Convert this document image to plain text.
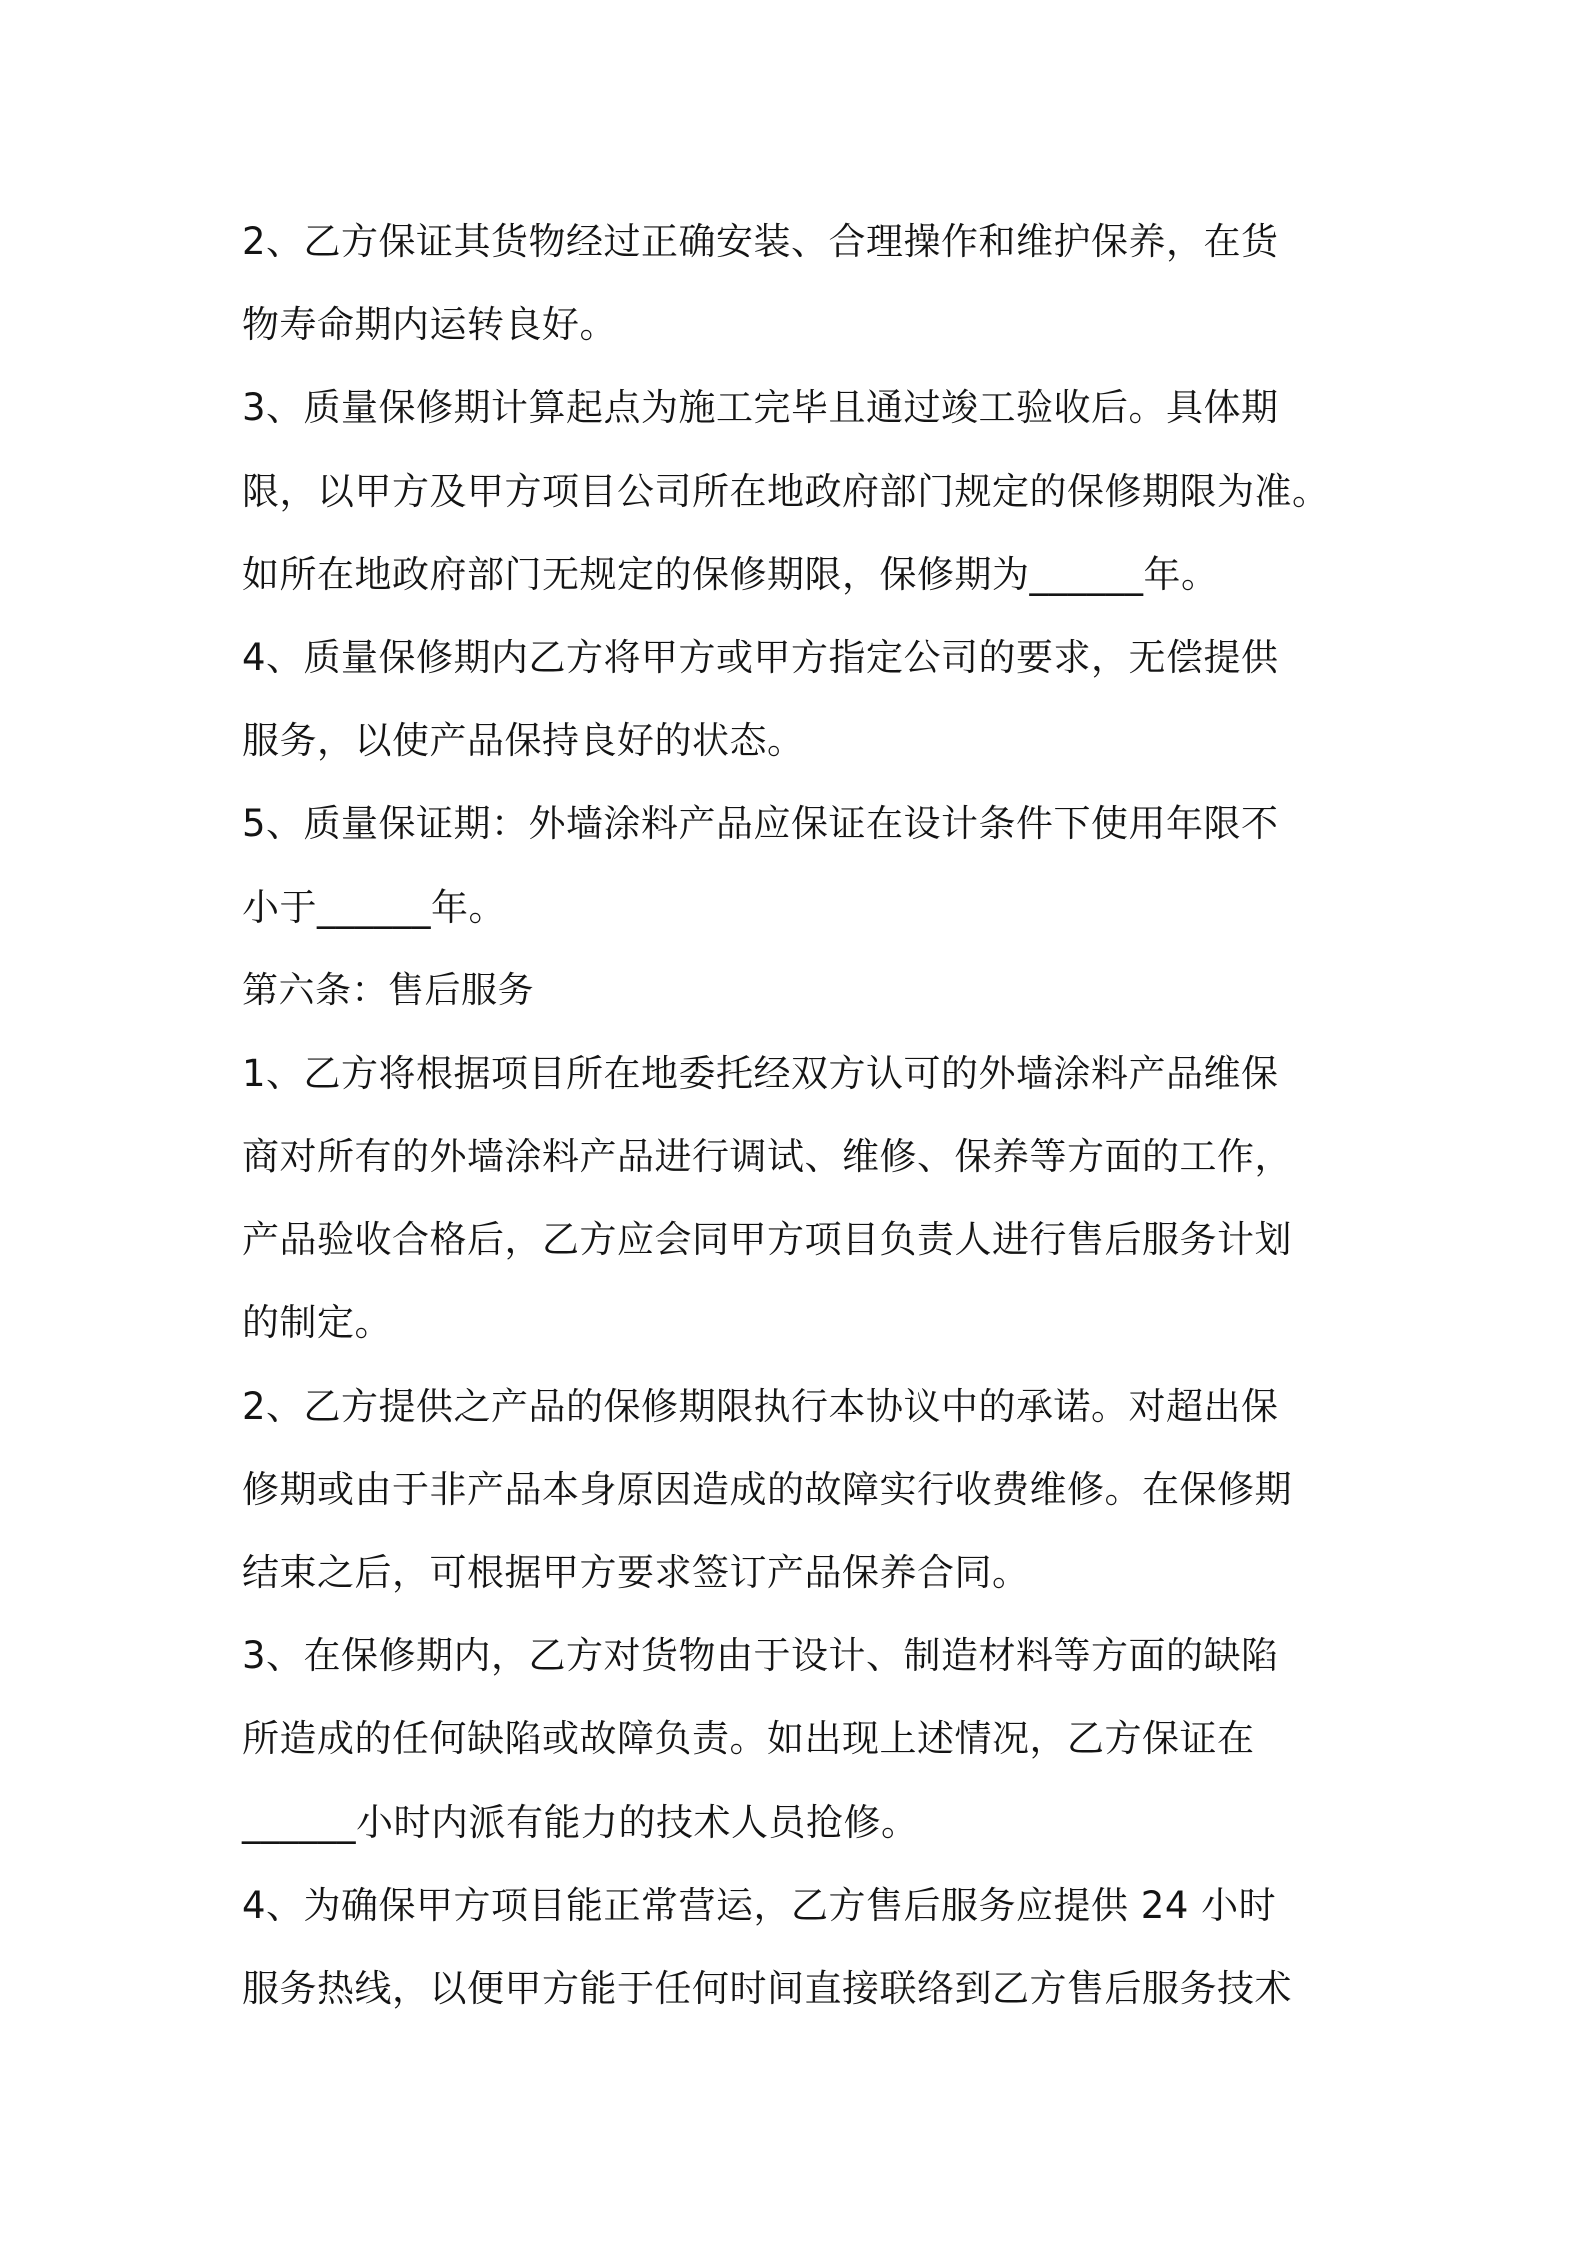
2、乙方保证其货物经过正确安装、合理操作和维护保养，在货
物寿命期内运转良好。
3、质量保修期计算起点为施工完毕且通过竣工验收后。具体期
限，以甲方及甲方项目公司所在地政府部门规定的保修期限为准。
如所在地政府部门无规定的保修期限，保修期为______年。
4、质量保修期内乙方将甲方或甲方指定公司的要求，无偿提供
服务，以使产品保持良好的状态。
5、质量保证期：外墙涂料产品应保证在设计条件下使用年限不
小于______年。
第六条：售后服务
1、乙方将根据项目所在地委托经双方认可的外墙涂料产品维保
商对所有的外墙涂料产品进行调试、维修、保养等方面的工作，
产品验收合格后，乙方应会同甲方项目负责人进行售后服务计划
的制定。
2、乙方提供之产品的保修期限执行本协议中的承诺。对超出保
修期或由于非产品本身原因造成的故障实行收费维修。在保修期
结束之后，可根据甲方要求签订产品保养合同。
3、在保修期内，乙方对货物由于设计、制造材料等方面的缺陷
所造成的任何缺陷或故障负责。如出现上述情况，乙方保证在
______小时内派有能力的技术人员抢修。
4、为确保甲方项目能正常营运，乙方售后服务应提供 24 小时
服务热线，以便甲方能于任何时间直接联络到乙方售后服务技术
